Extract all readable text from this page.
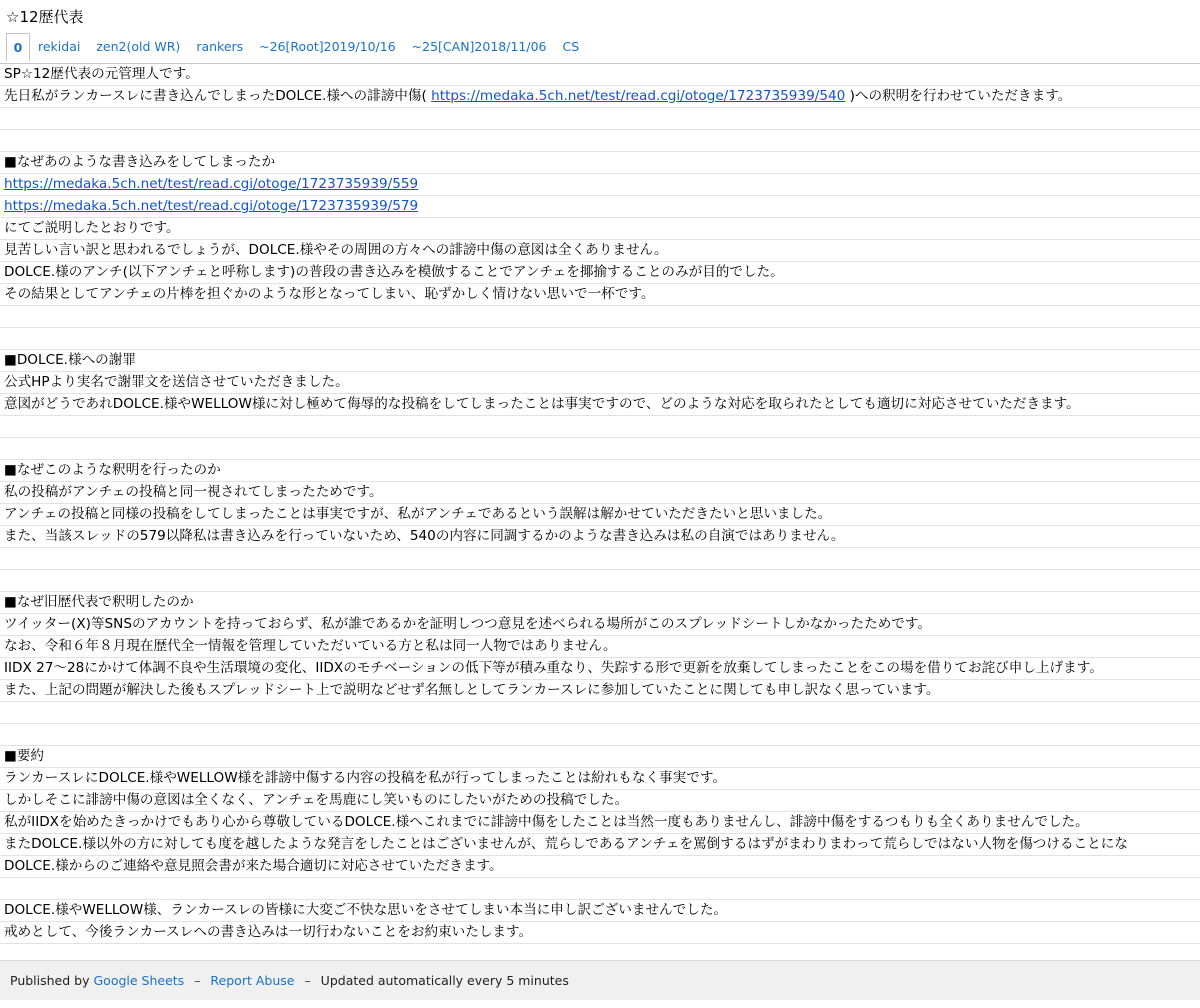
☆12歴代表
0	rekidai zen2(old WR) rankers ~26[Root]2019/10/16 ~25[CAN]2018/11/06 CS
SP☆12歴代表の元管理人です。
先日私がランカースレに書き込んでしまったDOLCE.様への誹謗中傷( https://medaka.5ch.net/test/read.cgi/otoge/1723735939/540 )への釈明を行わせていただきます。
■なぜあのような書き込みをしてしまったか
https://medaka.5ch.net/test/read.cgi/otoge/1723735939/559
https://medaka.5ch.net/test/read.cgi/otoge/1723735939/579
にてご説明したとおりです。
見苦しい言い訳と思われるでしょうが、DOLCE.様やその周囲の方々への誹謗中傷の意図は全くありません。
DOLCE.様のアンチ(以下アンチェと呼称します)の普段の書き込みを模倣することでアンチェを揶揄することのみが目的でした。
その結果としてアンチェの片棒を担ぐかのような形となってしまい、恥ずかしく情けない思いで一杯です。
■DOLCE.様への謝罪
公式HPより実名で謝罪文を送信させていただきました。
意図がどうであれDOLCE.様やWELLOW様に対し極めて侮辱的な投稿をしてしまったことは事実ですので、どのような対応を取られたとしても適切に対応させていただきます。
■なぜこのような釈明を行ったのか
私の投稿がアンチェの投稿と同一視されてしまったためです。
アンチェの投稿と同様の投稿をしてしまったことは事実ですが、私がアンチェであるという誤解は解かせていただきたいと思いました。
また、当該スレッドの579以降私は書き込みを行っていないため、540の内容に同調するかのような書き込みは私の自演ではありません。
■なぜ旧歴代表で釈明したのか
ツイッター(X)等SNSのアカウントを持っておらず、私が誰であるかを証明しつつ意見を述べられる場所がこのスプレッドシートしかなかったためです。
なお、令和６年８月現在歴代全一情報を管理していただいている方と私は同一人物ではありません。
IIDX 27〜28にかけて体調不良や生活環境の変化、IIDXのモチベーションの低下等が積み重なり、失踪する形で更新を放棄してしまったことをこの場を借りてお詫び申し上げます。
また、上記の問題が解決した後もスプレッドシート上で説明などせず名無しとしてランカースレに参加していたことに関しても申し訳なく思っています。
■要約
ランカースレにDOLCE.様やWELLOW様を誹謗中傷する内容の投稿を私が行ってしまったことは紛れもなく事実です。
しかしそこに誹謗中傷の意図は全くなく、アンチェを馬鹿にし笑いものにしたいがための投稿でした。
私がIIDXを始めたきっかけでもあり心から尊敬しているDOLCE.様へこれまでに誹謗中傷をしたことは当然一度もありませんし、誹謗中傷をするつもりも全くありませんでした。
またDOLCE.様以外の方に対しても度を越したような発言をしたことはございませんが、荒らしであるアンチェを罵倒するはずがまわりまわって荒らしではない人物を傷つけることにな
DOLCE.様からのご連絡や意見照会書が来た場合適切に対応させていただきます。
DOLCE.様やWELLOW様、ランカースレの皆様に大変ご不快な思いをさせてしまい本当に申し訳ございませんでした。
戒めとして、今後ランカースレへの書き込みは一切行わないことをお約束いたします。
Published by Google Sheets – Report Abuse – Updated automatically every 5 minutes
